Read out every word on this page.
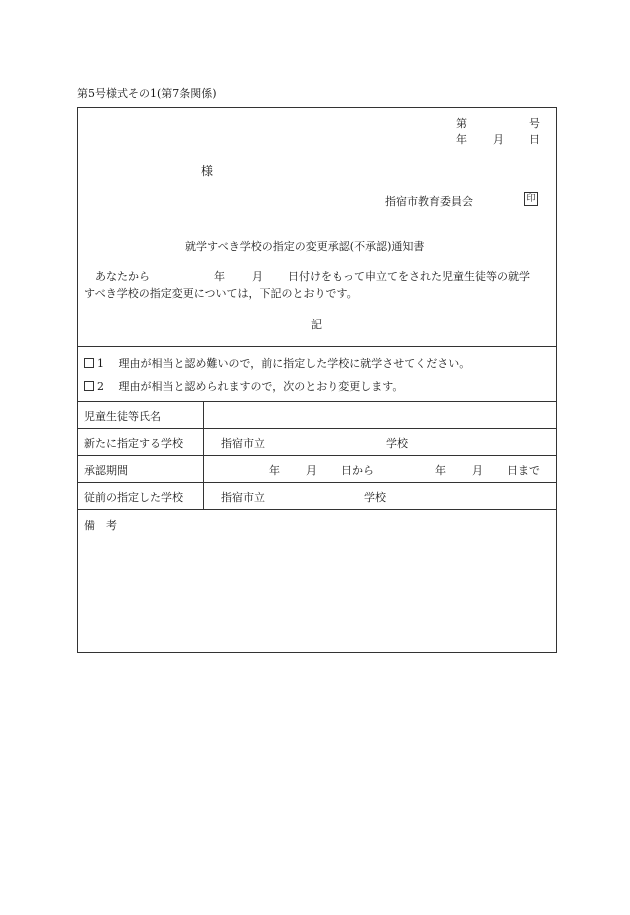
第5号様式その1(第7条関係)
第	号
年 月 日
様
指宿市教育委員会	印
就学すべき学校の指定の変更承認(不承認)通知書
あなたから	年 月 日付けをもって申立てをされた児童生徒等の就学
すべき学校の指定変更については，下記のとおりです。
記
1　 理由が相当と認め難いので，前に指定した学校に就学させてください。
2　 理由が相当と認められますので，次のとおり変更します。
児童生徒等氏名
新たに指定する学校	指宿市立	学校
承認期間	年 月 日から	年 月 日まで
従前の指定した学校	指宿市立	学校
備　考
